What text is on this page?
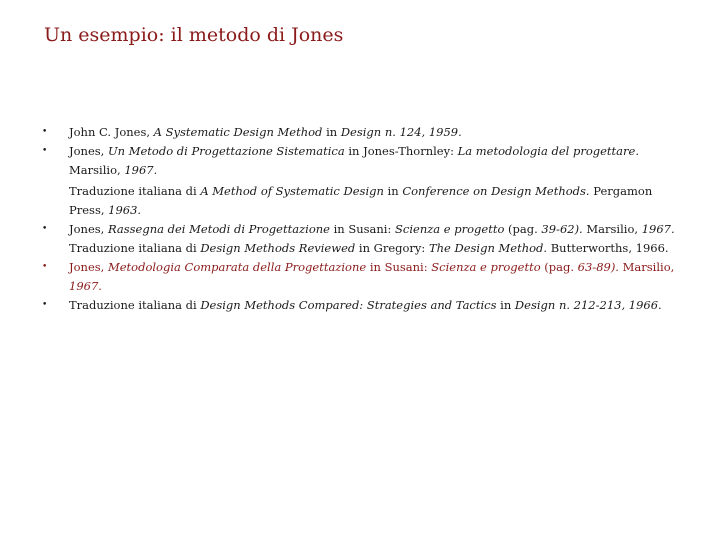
Un esempio: il metodo di Jones
•	John C. Jones, A Systematic Design Method in Design n. 124, 1959.
•	Jones, Un Metodo di Progettazione Sistematica in Jones-Thornley: La metodologia del progettare. Marsilio, 1967.
Traduzione italiana di A Method of Systematic Design in Conference on Design Methods. Pergamon Press, 1963.
•	Jones, Rassegna dei Metodi di Progettazione in Susani: Scienza e progetto (pag. 39-62). Marsilio, 1967. Traduzione italiana di Design Methods Reviewed in Gregory: The Design Method. Butterworths, 1966.
•	Jones, Metodologia Comparata della Progettazione in Susani: Scienza e progetto (pag. 63-89). Marsilio, 1967.
•	Traduzione italiana di Design Methods Compared: Strategies and Tactics in Design n. 212-213, 1966.
